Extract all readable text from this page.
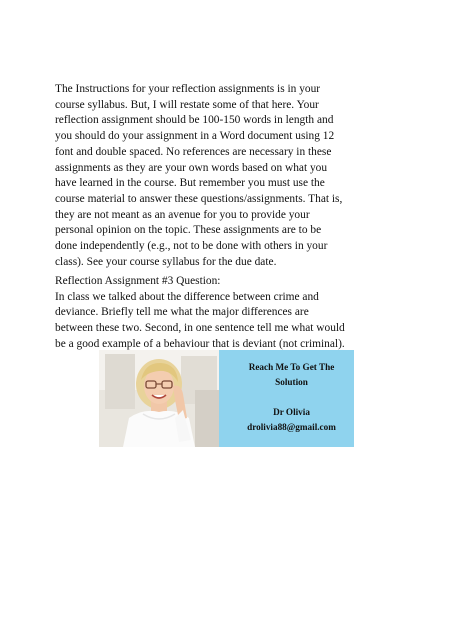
The Instructions for your reflection assignments is in your
course syllabus. But, I will restate some of that here. Your
reflection assignment should be 100-150 words in length and
you should do your assignment in a Word document using 12
font and double spaced. No references are necessary in these
assignments as they are your own words based on what you
have learned in the course. But remember you must use the
course material to answer these questions/assignments. That is,
they are not meant as an avenue for you to provide your
personal opinion on the topic. These assignments are to be
done independently (e.g., not to be done with others in your
class). See your course syllabus for the due date.
Reflection Assignment #3 Question:
In class we talked about the difference between crime and
deviance. Briefly tell me what the major differences are
between these two. Second, in one sentence tell me what would
be a good example of a behaviour that is deviant (not criminal).
Reach Me To Get The
Solution
Dr Olivia
drolivia88@gmail.com
